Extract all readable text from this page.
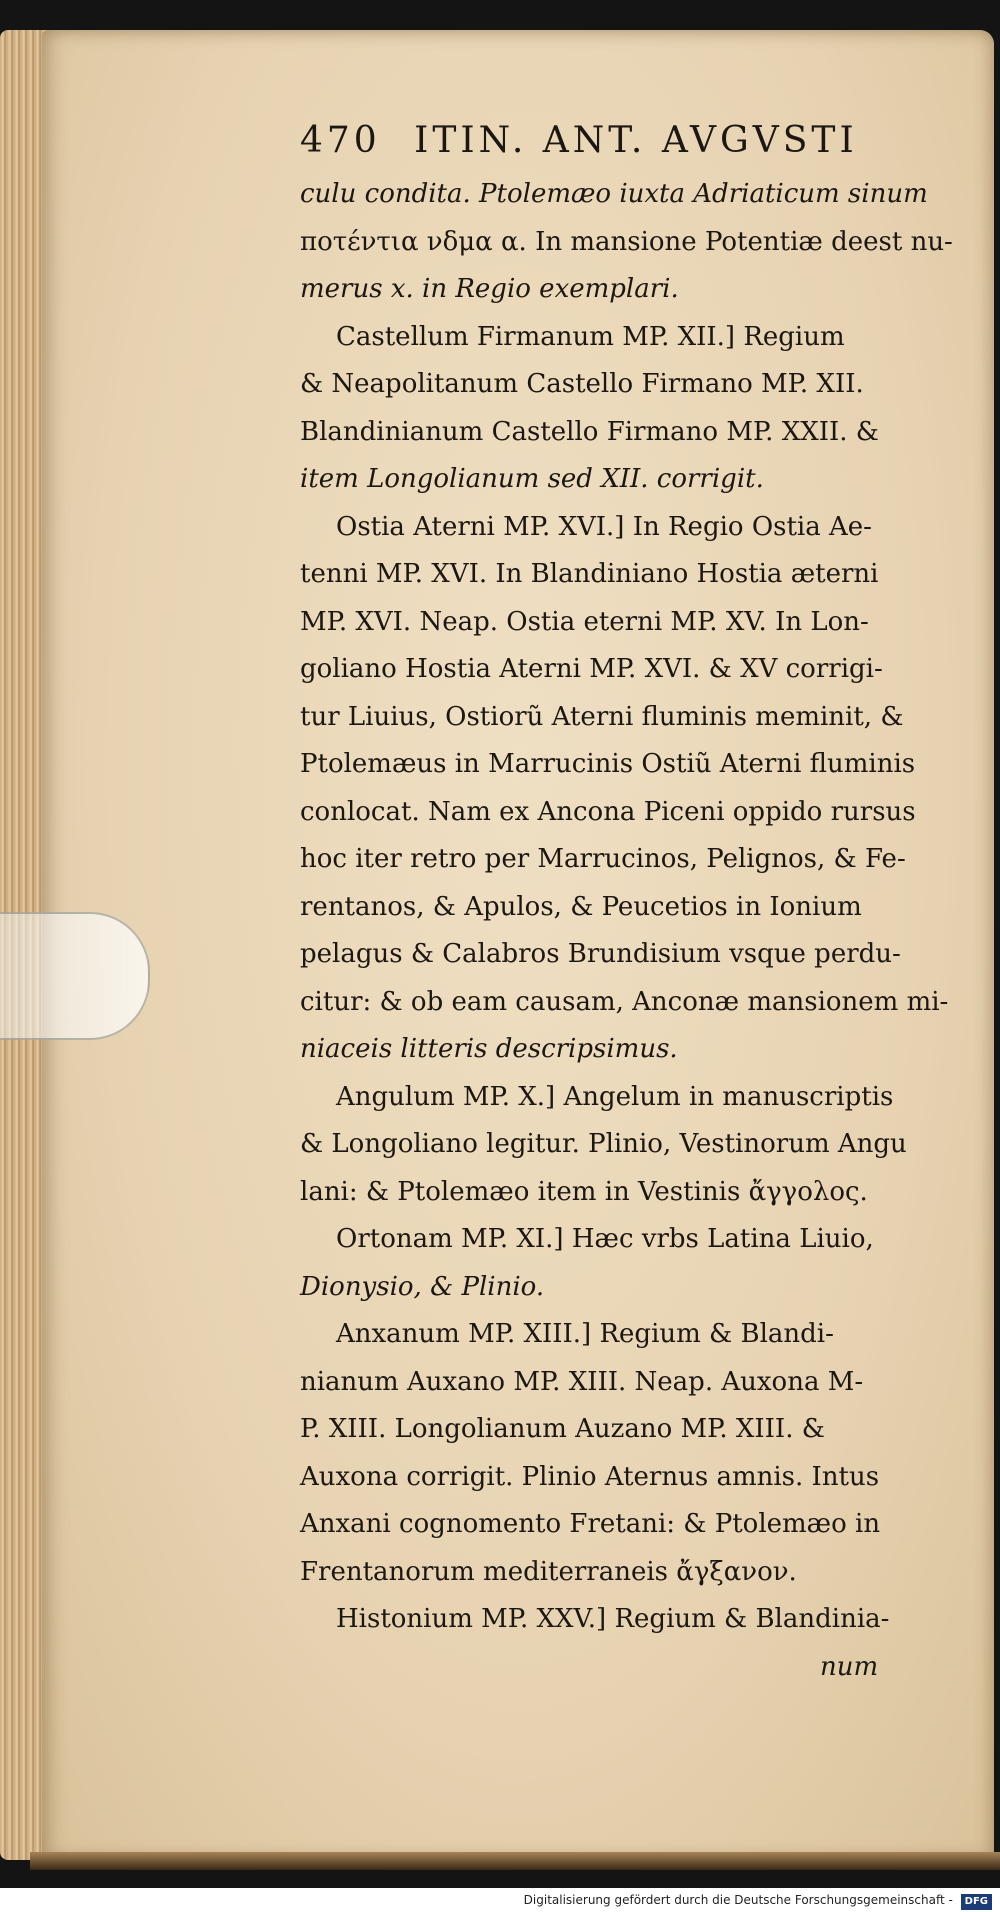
470 ITIN. ANT. AVGVSTI
culu condita. Ptolemæo iuxta Adriaticum sinum
ποτέντια νδμα α. In mansione Potentiæ deest nu-
merus x. in Regio exemplari.
Castellum Firmanum MP. XII.] Regium
& Neapolitanum Castello Firmano MP. XII.
Blandinianum Castello Firmano MP. XXII. &
item Longolianum sed XII. corrigit.
Ostia Aterni MP. XVI.] In Regio Ostia Ae-
tenni MP. XVI. In Blandiniano Hostia æterni
MP. XVI. Neap. Ostia eterni MP. XV. In Lon-
goliano Hostia Aterni MP. XVI. & XV corrigi-
tur Liuius, Ostiorũ Aterni fluminis meminit, &
Ptolemæus in Marrucinis Ostiũ Aterni fluminis
conlocat. Nam ex Ancona Piceni oppido rursus
hoc iter retro per Marrucinos, Pelignos, & Fe-
rentanos, & Apulos, & Peucetios in Ionium
pelagus & Calabros Brundisium vsque perdu-
citur: & ob eam causam, Anconæ mansionem mi-
niaceis litteris descripsimus.
Angulum MP. X.] Angelum in manuscriptis
& Longoliano legitur. Plinio, Vestinorum Angu
lani: & Ptolemæo item in Vestinis ἄγγολος.
Ortonam MP. XI.] Hæc vrbs Latina Liuio,
Dionysio, & Plinio.
Anxanum MP. XIII.] Regium & Blandi-
nianum Auxano MP. XIII. Neap. Auxona M-
P. XIII. Longolianum Auzano MP. XIII. &
Auxona corrigit. Plinio Aternus amnis. Intus
Anxani cognomento Fretani: & Ptolemæo in
Frentanorum mediterraneis ἄγξανον.
Histonium MP. XXV.] Regium & Blandinia-
num
Digitalisierung gefördert durch die Deutsche Forschungsgemeinschaft - DFG
